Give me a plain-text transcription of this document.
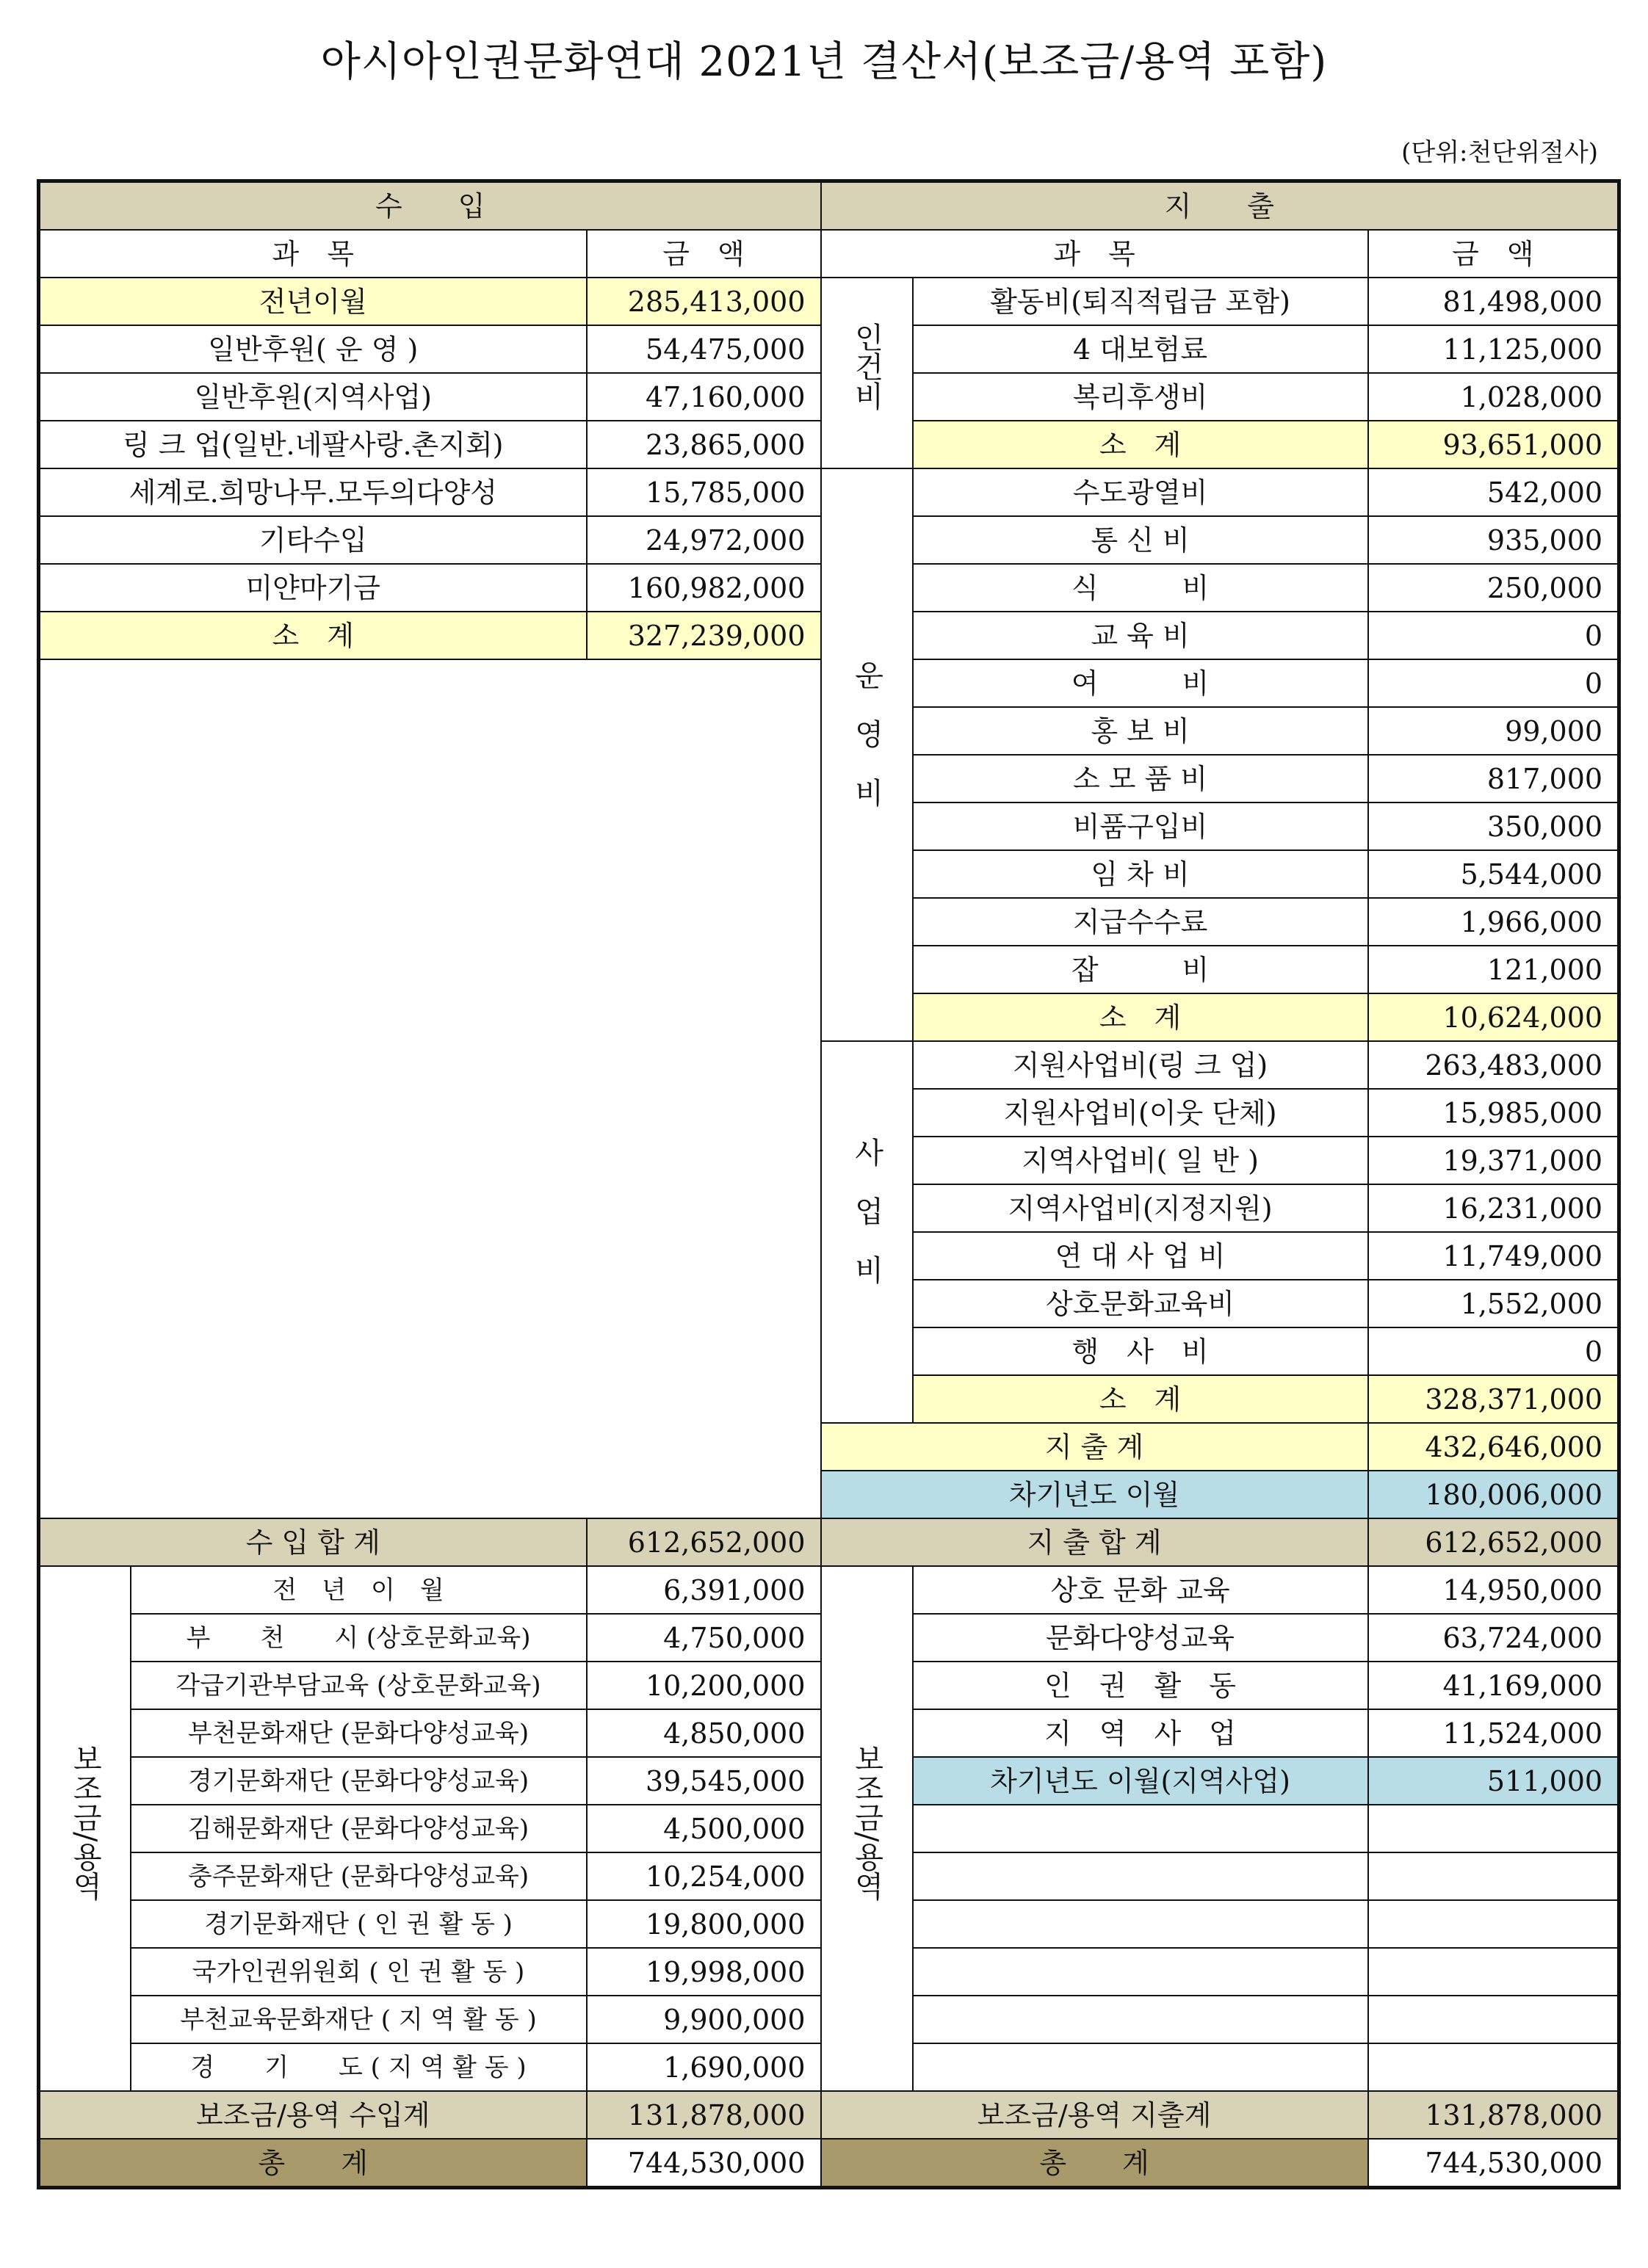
아시아인권문화연대 2021년 결산서(보조금/용역 포함)
(단위:천단위절사)
수　　입			지　　출		
과　목		금　액	과　목		금　액
전년이월		285,413,000	인건비	활동비(퇴직적립금 포함)	81,498,000
일반후원( 운 영 )		54,475,000		4 대보험료	11,125,000
일반후원(지역사업)		47,160,000		복리후생비	1,028,000
링 크 업(일반.네팔사랑.촌지회)		23,865,000		소　계	93,651,000
세계로.희망나무.모두의다양성		15,785,000	운영비	수도광열비	542,000
기타수입		24,972,000		통 신 비	935,000
미얀마기금		160,982,000		식　　　비	250,000
소　계		327,239,000		교 육 비	0
				여　　　비	0
				홍 보 비	99,000
				소 모 품 비	817,000
				비품구입비	350,000
				임 차 비	5,544,000
				지급수수료	1,966,000
				잡　　　비	121,000
				소　계	10,624,000
			사업비	지원사업비(링 크 업)	263,483,000
				지원사업비(이웃 단체)	15,985,000
				지역사업비( 일 반 )	19,371,000
				지역사업비(지정지원)	16,231,000
				연 대 사 업 비	11,749,000
				상호문화교육비	1,552,000
				행　사　비	0
				소　계	328,371,000
			지 출 계		432,646,000
			차기년도 이월		180,006,000
수 입 합 계		612,652,000	지 출 합 계		612,652,000
보조금/용역	전　년　이　월	6,391,000	보조금/용역	상호 문화 교육	14,950,000
	부　　천　　시 (상호문화교육)	4,750,000		문화다양성교육	63,724,000
	각급기관부담교육 (상호문화교육)	10,200,000		인　권　활　동	41,169,000
	부천문화재단 (문화다양성교육)	4,850,000		지　역　사　업	11,524,000
	경기문화재단 (문화다양성교육)	39,545,000		차기년도 이월(지역사업)	511,000
	김해문화재단 (문화다양성교육)	4,500,000			
	충주문화재단 (문화다양성교육)	10,254,000			
	경기문화재단 ( 인 권 활 동 )	19,800,000			
	국가인권위원회 ( 인 권 활 동 )	19,998,000			
	부천교육문화재단 ( 지 역 활 동 )	9,900,000			
	경　　기　　도 ( 지 역 활 동 )	1,690,000			
보조금/용역 수입계		131,878,000	보조금/용역 지출계		131,878,000
총　　계		744,530,000	총　　계		744,530,000
